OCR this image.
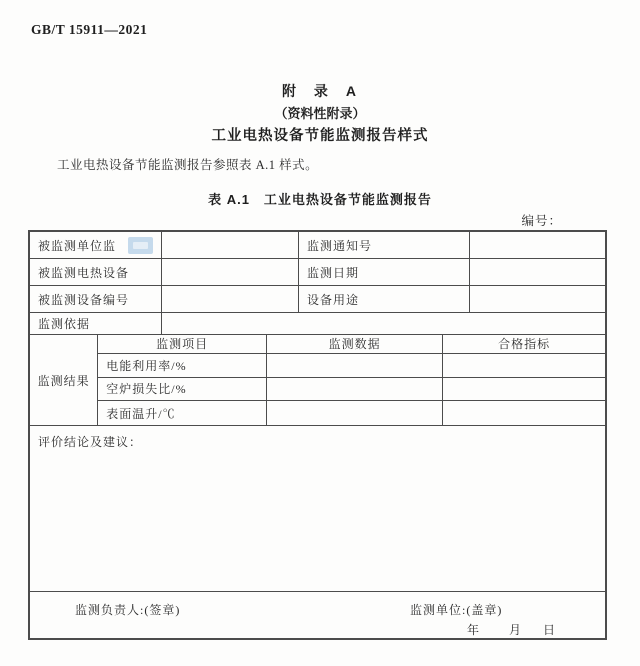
GB/T 15911—2021
附　录　A
（资料性附录）
工业电热设备节能监测报告样式

工业电热设备节能监测报告参照表 A.1 样式。

表 A.1　工业电热设备节能监测报告
编号：
被监测单位监	监测通知号
被监测电热设备	监测日期
被监测设备编号	设备用途
监测依据
监测结果
监测项目	监测数据	合格指标
电能利用率/%
空炉损失比/%
表面温升/℃
评价结论及建议：
监测负责人:(签章)	监测单位:(盖章)
年 月 日
